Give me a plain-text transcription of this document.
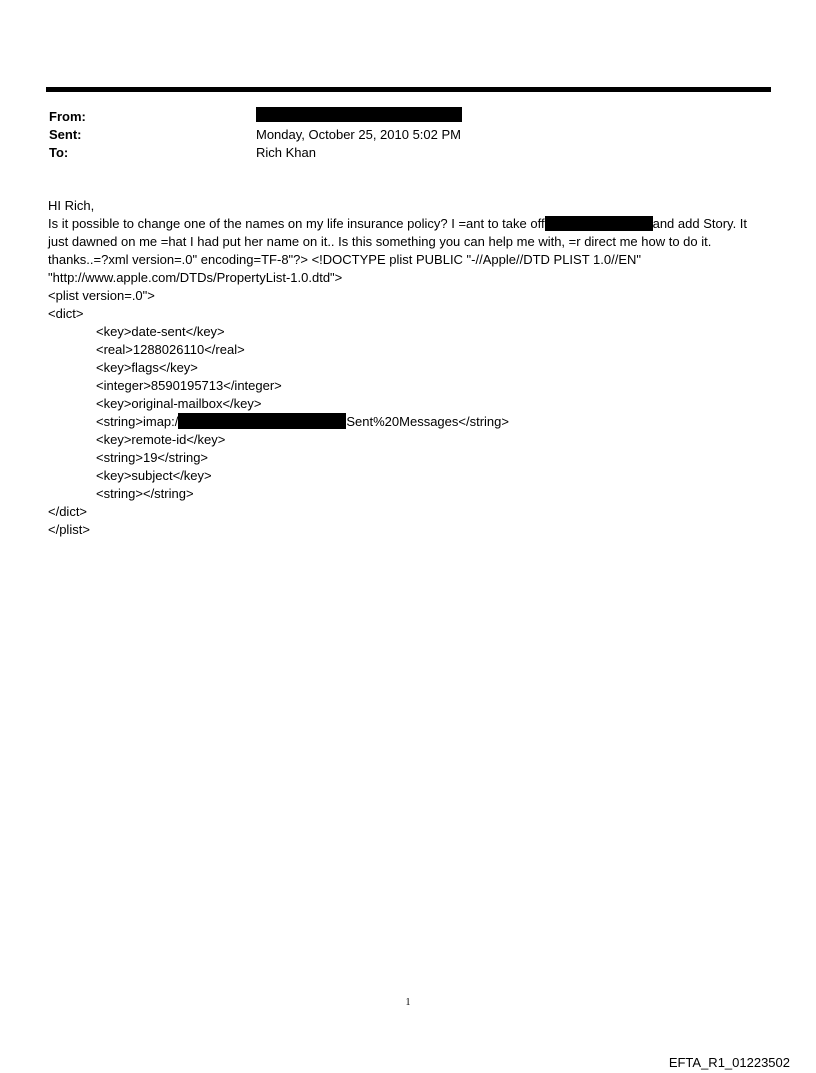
From:
Sent:	Monday, October 25, 2010 5:02 PM
To:	Rich Khan
HI Rich,
Is it possible to change one of the names on my life insurance policy? I =ant to take off	and add Story. It
just dawned on me =hat I had put her name on it.. Is this something you can help me with, =r direct me how to do it.
thanks..=?xml version=.0" encoding=TF-8"?> <!DOCTYPE plist PUBLIC "-//Apple//DTD PLIST 1.0//EN"
"http://www.apple.com/DTDs/PropertyList-1.0.dtd">
<plist version=.0">
<dict>
<key>date-sent</key>
<real>1288026110</real>
<key>flags</key>
<integer>8590195713</integer>
<key>original-mailbox</key>
<string>imap:/	Sent%20Messages</string>
<key>remote-id</key>
<string>19</string>
<key>subject</key>
<string></string>
</dict>
</plist>
1
EFTA_R1_01223502
